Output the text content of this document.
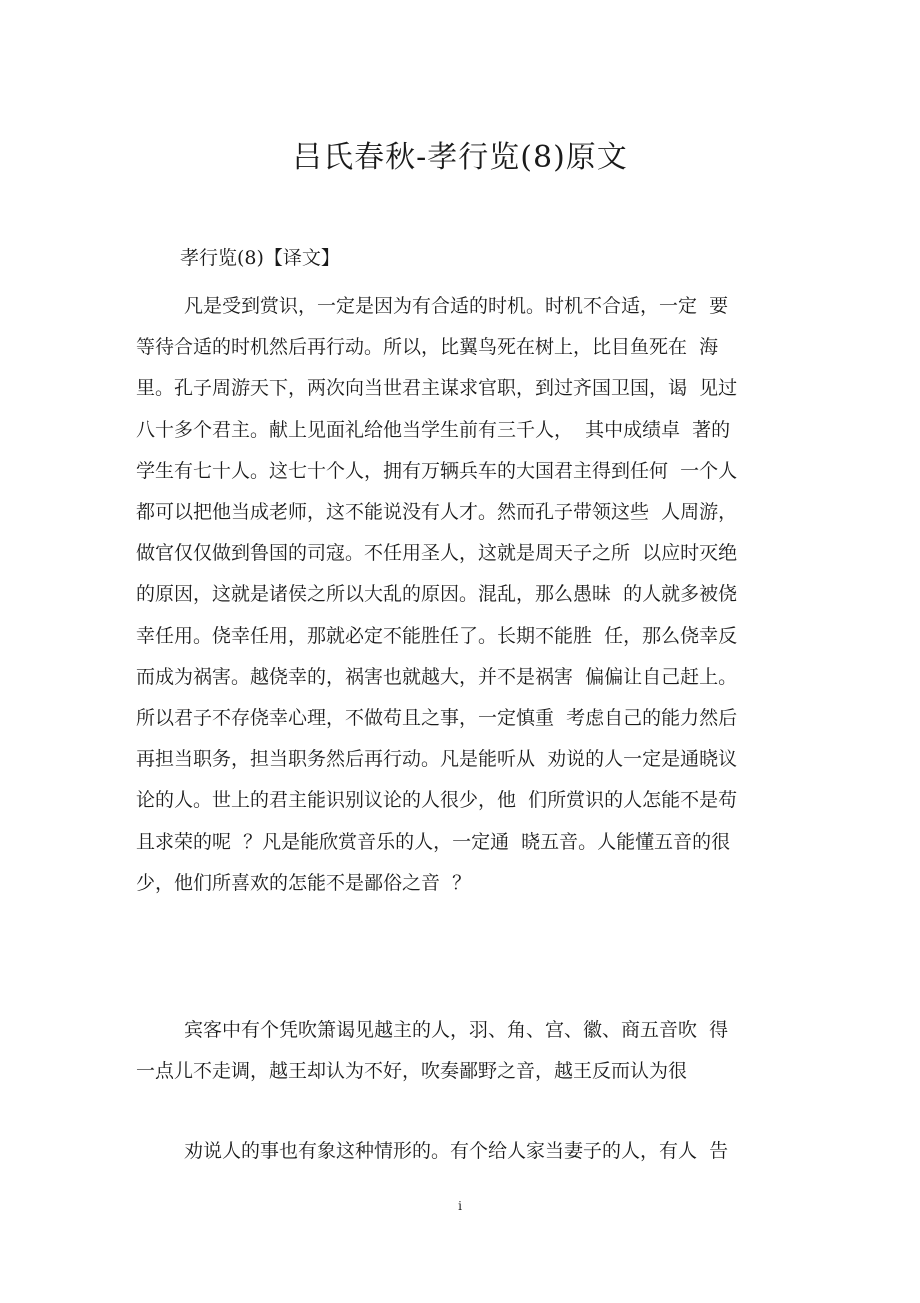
吕氏春秋-孝行览(8)原文
孝行览(8)【译文】
凡是受到赏识，一定是因为有合适的时机。时机不合适，一定  要
等待合适的时机然后再行动。所以，比翼鸟死在树上，比目鱼死在  海
里。孔子周游天下，两次向当世君主谋求官职，到过齐国卫国，谒  见过
八十多个君主。献上见面礼给他当学生前有三千人，  其中成绩卓  著的
学生有七十人。这七十个人，拥有万辆兵车的大国君主得到任何  一个人
都可以把他当成老师，这不能说没有人才。然而孔子带领这些  人周游，
做官仅仅做到鲁国的司寇。不任用圣人，这就是周天子之所  以应时灭绝
的原因，这就是诸侯之所以大乱的原因。混乱，那么愚昧  的人就多被侥
幸任用。侥幸任用，那就必定不能胜任了。长期不能胜  任，那么侥幸反
而成为祸害。越侥幸的，祸害也就越大，并不是祸害  偏偏让自己赶上。
所以君子不存侥幸心理，不做苟且之事，一定慎重  考虑自己的能力然后
再担当职务，担当职务然后再行动。凡是能听从  劝说的人一定是通晓议
论的人。世上的君主能识别议论的人很少，他  们所赏识的人怎能不是苟
且求荣的呢  ？凡是能欣赏音乐的人，一定通  晓五音。人能懂五音的很
少，他们所喜欢的怎能不是鄙俗之音  ？
宾客中有个凭吹箫谒见越主的人，羽、角、宫、徽、商五音吹  得
一点儿不走调，越王却认为不好，吹奏鄙野之音，越王反而认为很
劝说人的事也有象这种情形的。有个给人家当妻子的人，有人  告
i
